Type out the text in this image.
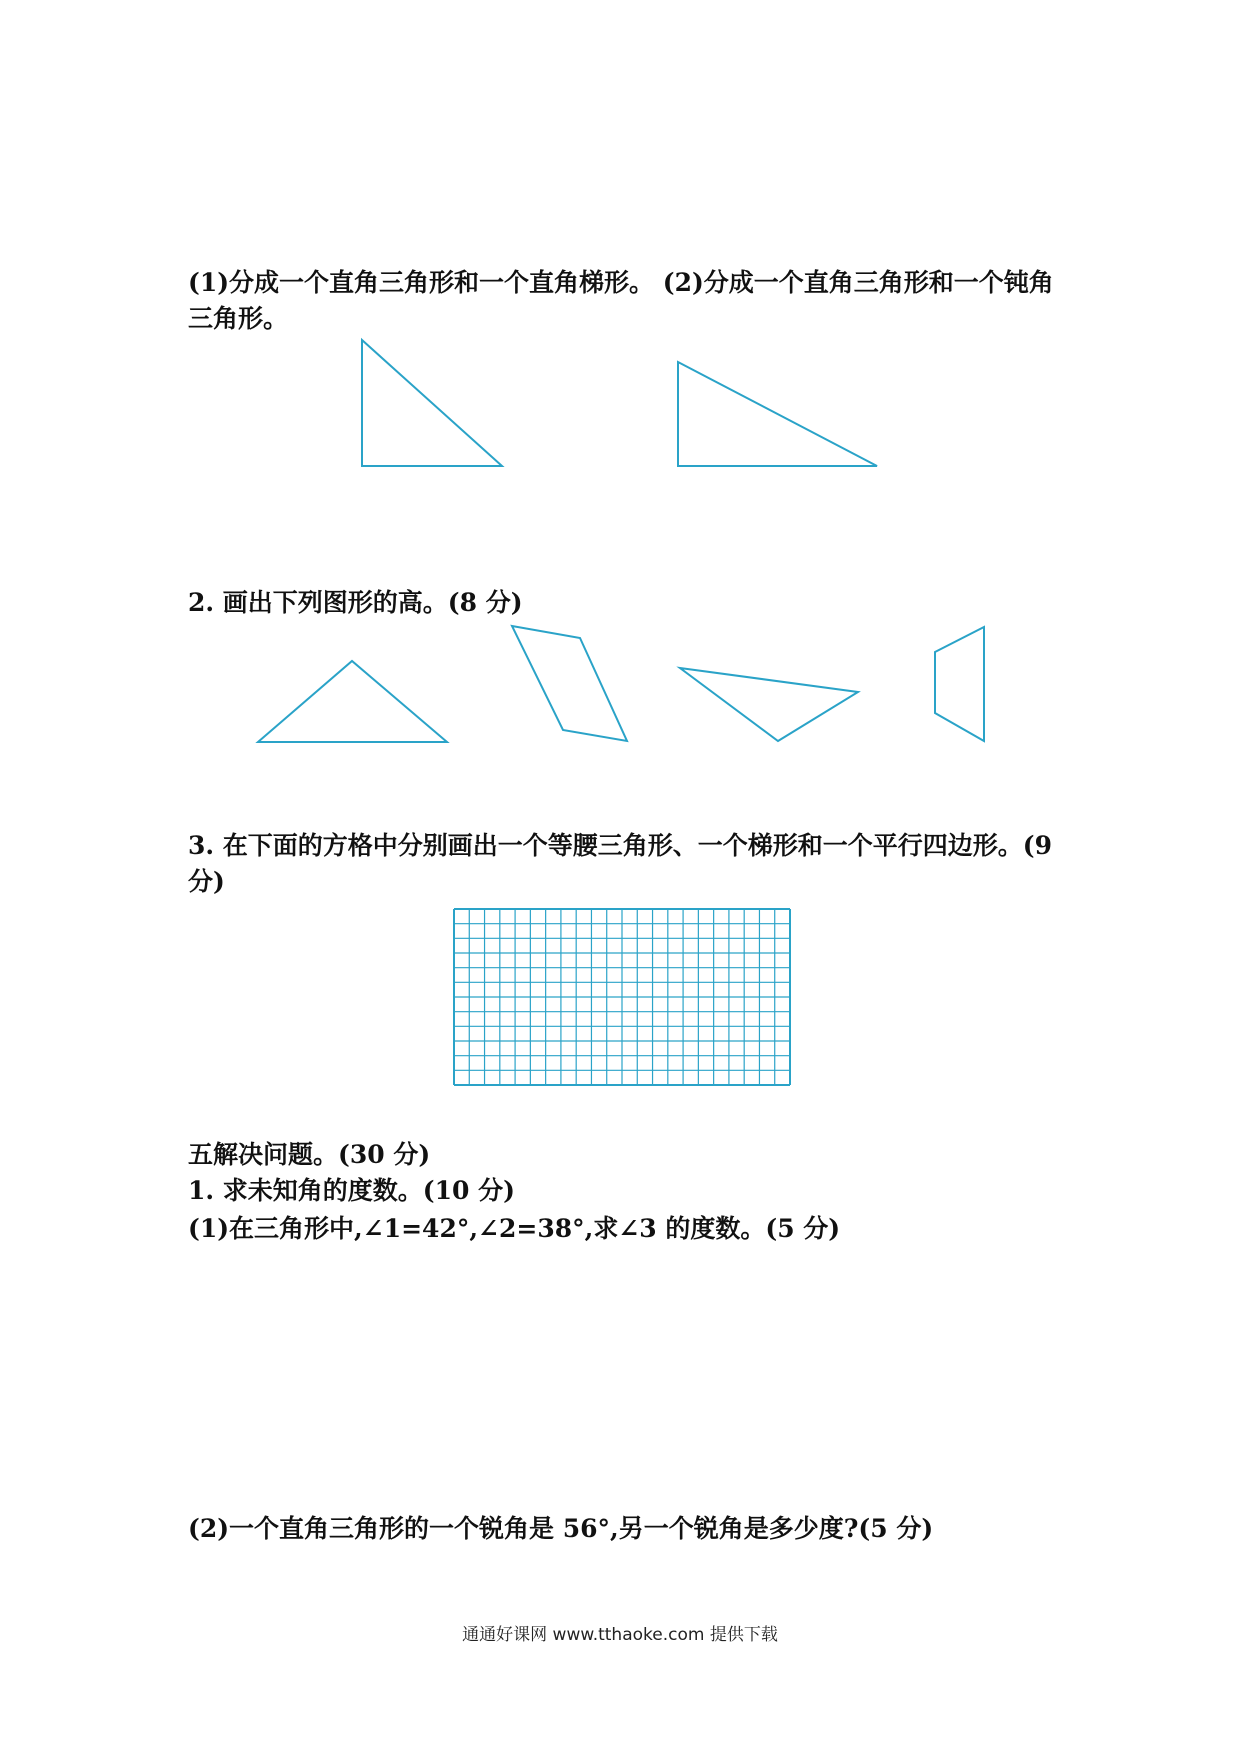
(1)分成一个直角三角形和一个直角梯形。 (2)分成一个直角三角形和一个钝角
三角形。
2. 画出下列图形的高。(8 分)
3. 在下面的方格中分别画出一个等腰三角形、一个梯形和一个平行四边形。(9
分)
五解决问题。(30 分)
1. 求未知角的度数。(10 分)
(1)在三角形中,∠1=42°,∠2=38°,求∠3 的度数。(5 分)
(2)一个直角三角形的一个锐角是 56°,另一个锐角是多少度?(5 分)
通通好课网 www.tthaoke.com 提供下载
